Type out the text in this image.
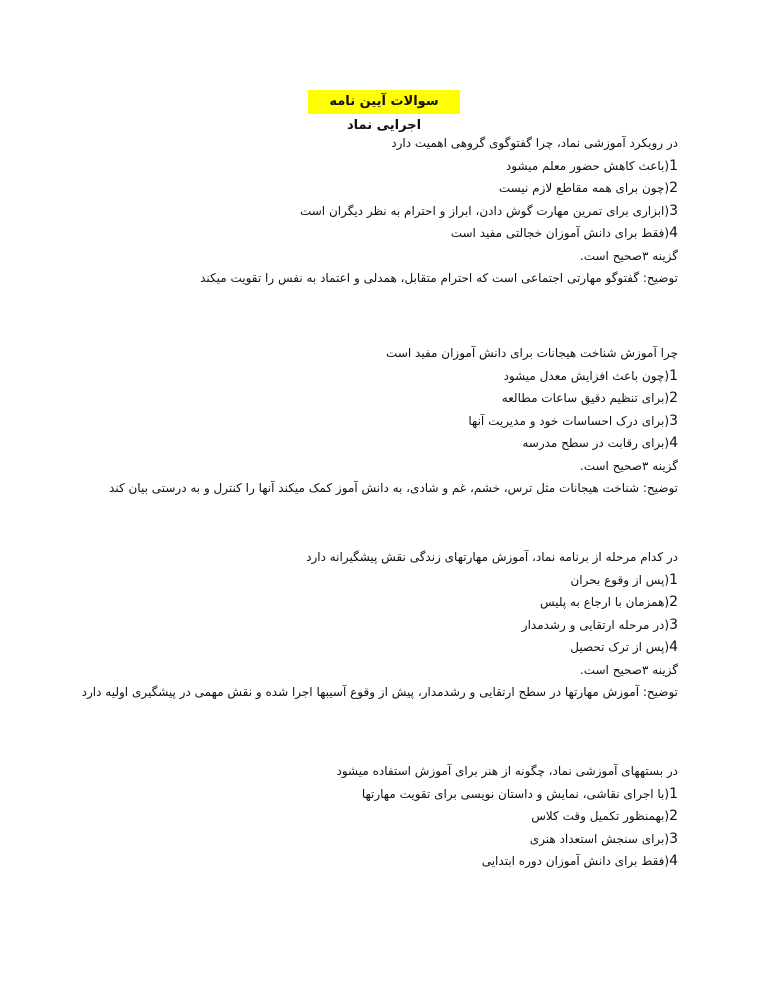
سوالات آیین نامه اجرایی نماد
در رویکرد آموزشی نماد، چرا گفتوگوی گروهی اهمیت دارد
1(باعث کاهش حضور معلم میشود
2(چون برای همه مقاطع لازم نیست
3(ابزاری برای تمرین مهارت گوش دادن، ابراز و احترام به نظر دیگران است
4(فقط برای دانش آموزان خجالتی مفید است
گزینه ۳صحیح است.
توضیح: گفتوگو مهارتی اجتماعی است که احترام متقابل، همدلی و اعتماد به نفس را تقویت میکند
چرا آموزش شناخت هیجانات برای دانش آموزان مفید است
1(چون باعث افزایش معدل میشود
2(برای تنظیم دقیق ساعات مطالعه
3(برای درک احساسات خود و مدیریت آنها
4(برای رقابت در سطح مدرسه
گزینه ۳صحیح است.
توضیح: شناخت هیجانات مثل ترس، خشم، غم و شادی، به دانش آموز کمک میکند آنها را کنترل و به درستی بیان کند
در کدام مرحله از برنامه نماد، آموزش مهارتهای زندگی نقش پیشگیرانه دارد
1(پس از وقوع بحران
2(همزمان با ارجاع به پلیس
3(در مرحله ارتقایی و رشدمدار
4(پس از ترک تحصیل
گزینه ۳صحیح است.
توضیح: آموزش مهارتها در سطح ارتقایی و رشدمدار، پیش از وقوع آسیبها اجرا شده و نقش مهمی در پیشگیری اولیه دارد
در بستههای آموزشی نماد، چگونه از هنر برای آموزش استفاده میشود
1(با اجرای نقاشی، نمایش و داستان نویسی برای تقویت مهارتها
2(بهمنظور تکمیل وقت کلاس
3(برای سنجش استعداد هنری
4(فقط برای دانش آموزان دوره ابتدایی
